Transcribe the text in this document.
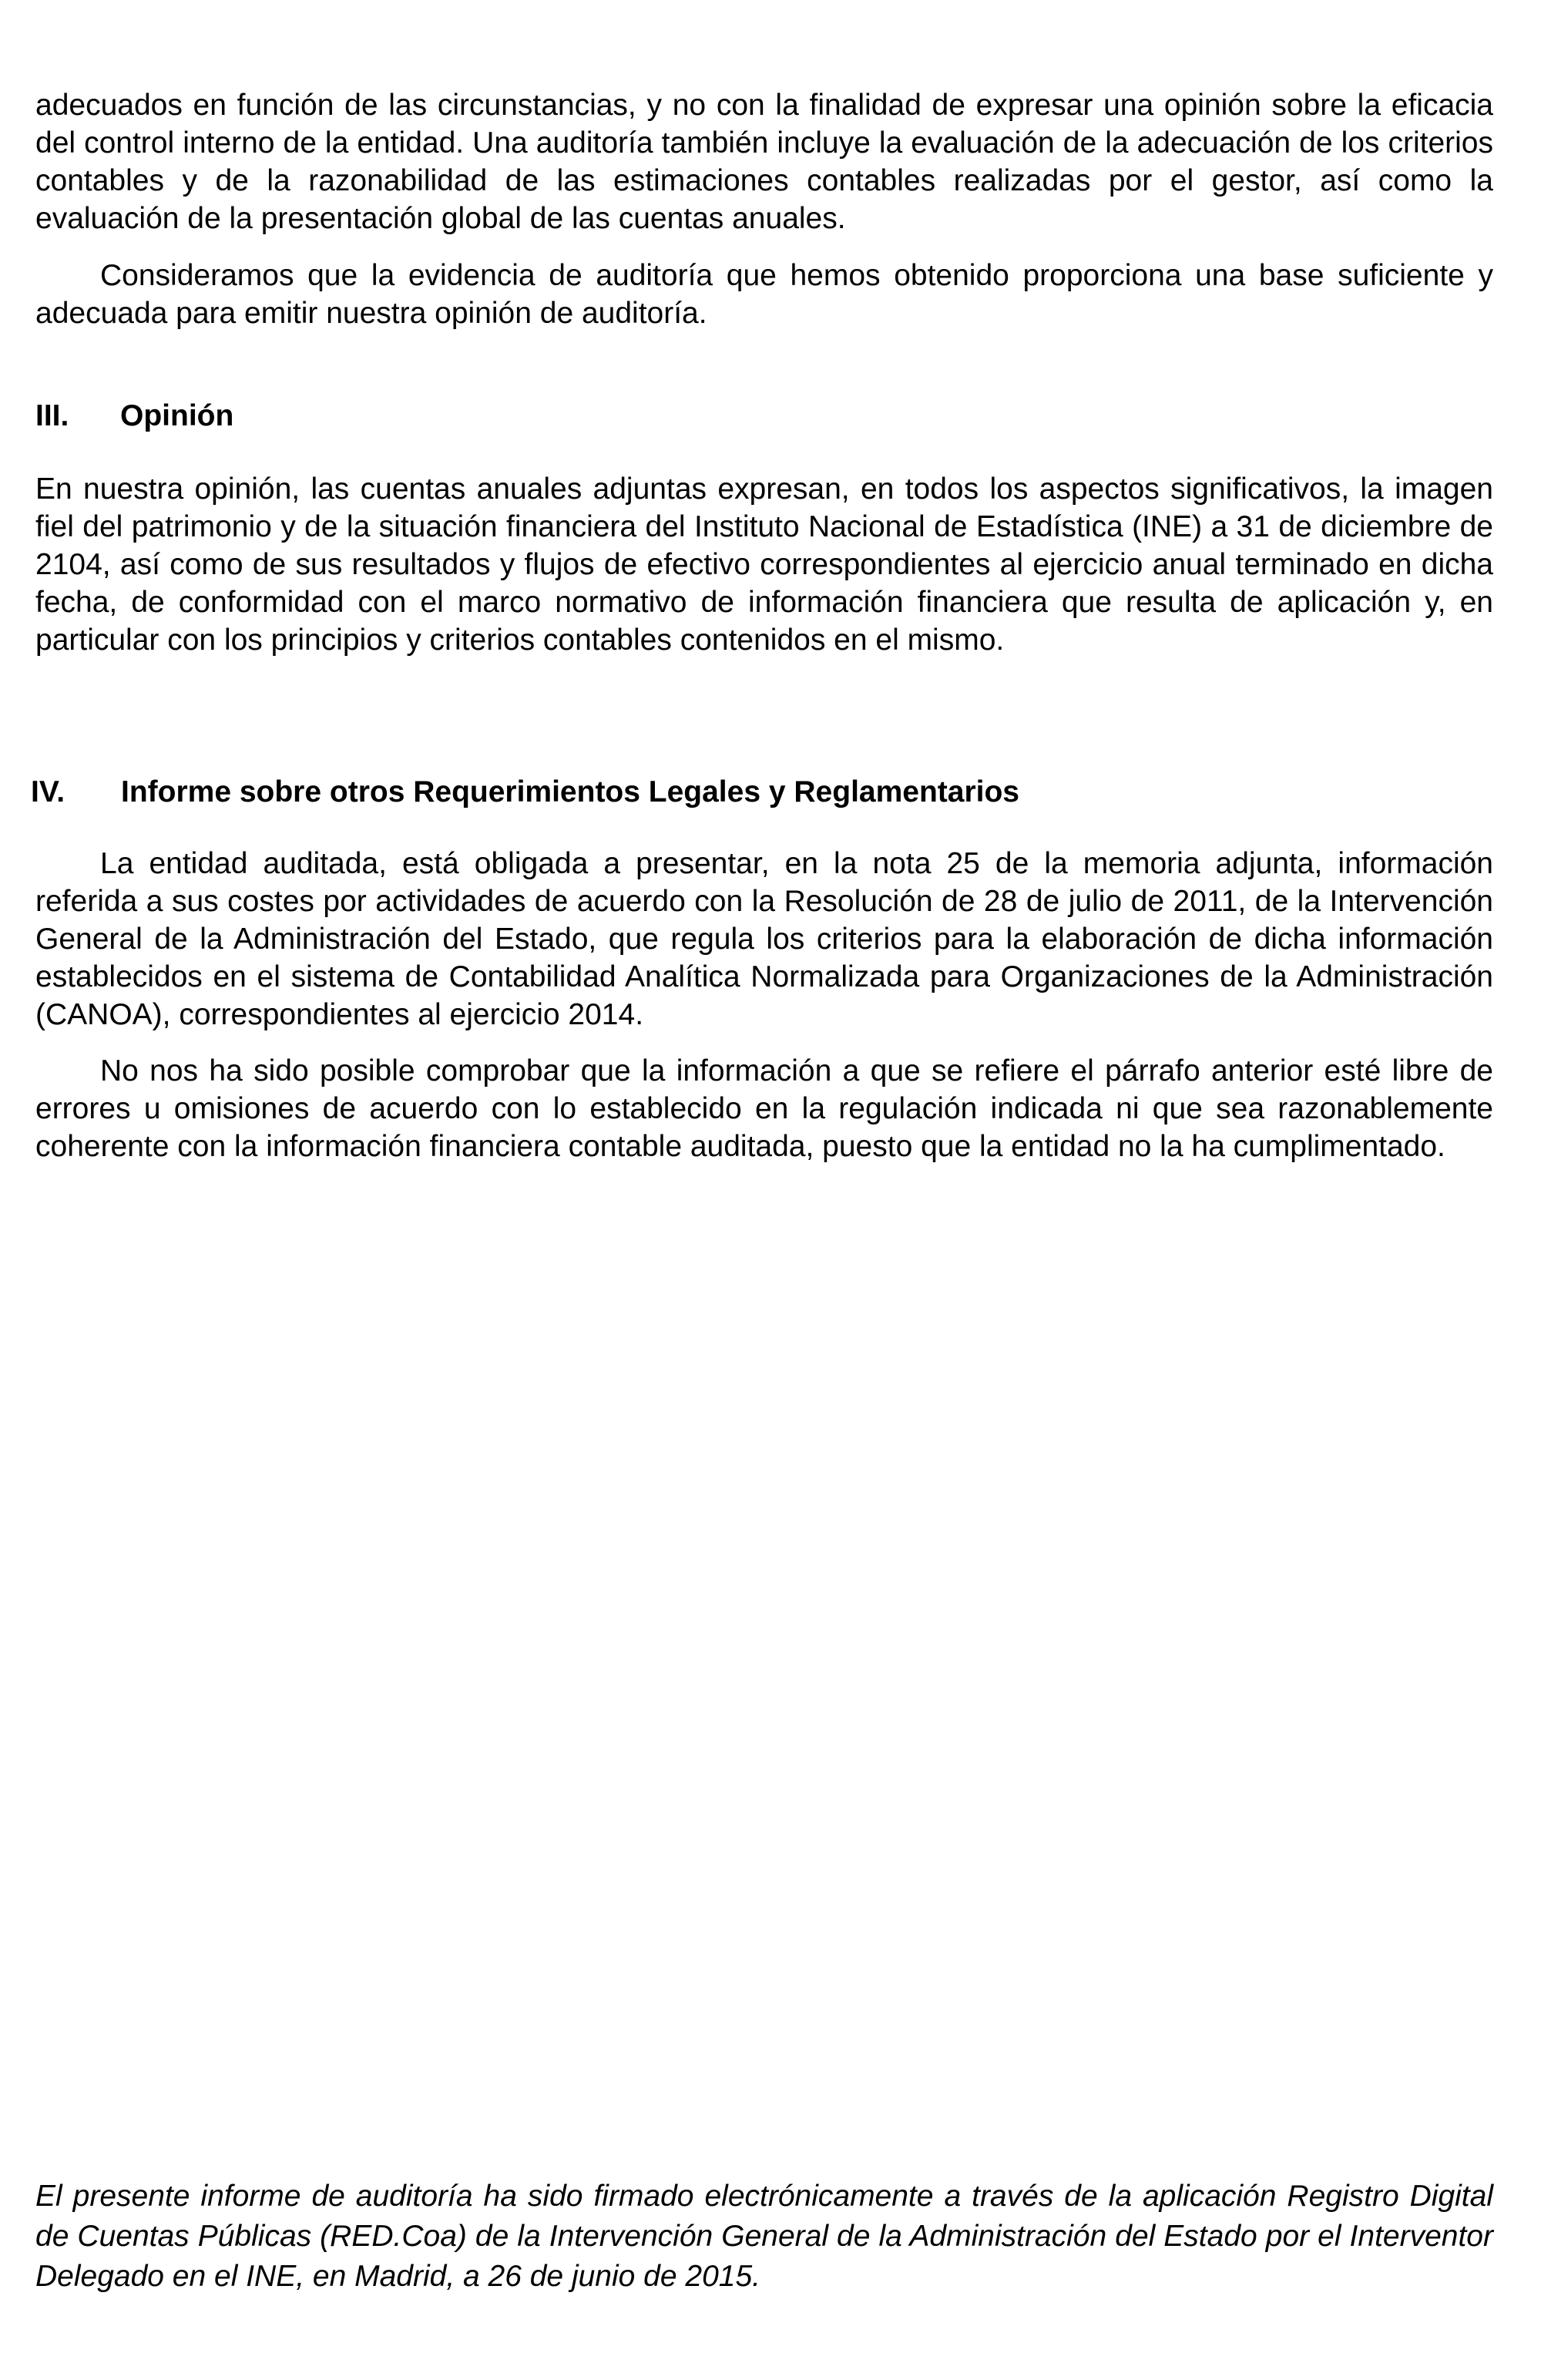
adecuados en función de las circunstancias, y no con la finalidad de expresar una opinión sobre la eficacia del control interno de la entidad. Una auditoría también incluye la evaluación de la adecuación de los criterios contables y de la razonabilidad de las estimaciones contables realizadas por el gestor, así como la evaluación de la presentación global de las cuentas anuales.

Consideramos que la evidencia de auditoría que hemos obtenido proporciona una base suficiente y adecuada para emitir nuestra opinión de auditoría.

III. Opinión

En nuestra opinión, las cuentas anuales adjuntas expresan, en todos los aspectos significativos, la imagen fiel del patrimonio y de la situación financiera del Instituto Nacional de Estadística (INE) a 31 de diciembre de 2104, así como de sus resultados y flujos de efectivo correspondientes al ejercicio anual terminado en dicha fecha, de conformidad con el marco normativo de información financiera que resulta de aplicación y, en particular con los principios y criterios contables contenidos en el mismo.

IV. Informe sobre otros Requerimientos Legales y Reglamentarios

La entidad auditada, está obligada a presentar, en la nota 25 de la memoria adjunta, información referida a sus costes por actividades de acuerdo con la Resolución de 28 de julio de 2011, de la Intervención General de la Administración del Estado, que regula los criterios para la elaboración de dicha información establecidos en el sistema de Contabilidad Analítica Normalizada para Organizaciones de la Administración (CANOA), correspondientes al ejercicio 2014.

No nos ha sido posible comprobar que la información a que se refiere el párrafo anterior esté libre de errores u omisiones de acuerdo con lo establecido en la regulación indicada ni que sea razonablemente coherente con la información financiera contable auditada, puesto que la entidad no la ha cumplimentado.

El presente informe de auditoría ha sido firmado electrónicamente a través de la aplicación Registro Digital de Cuentas Públicas (RED.Coa) de la Intervención General de la Administración del Estado por el Interventor Delegado en el INE, en Madrid, a 26 de junio de 2015.
